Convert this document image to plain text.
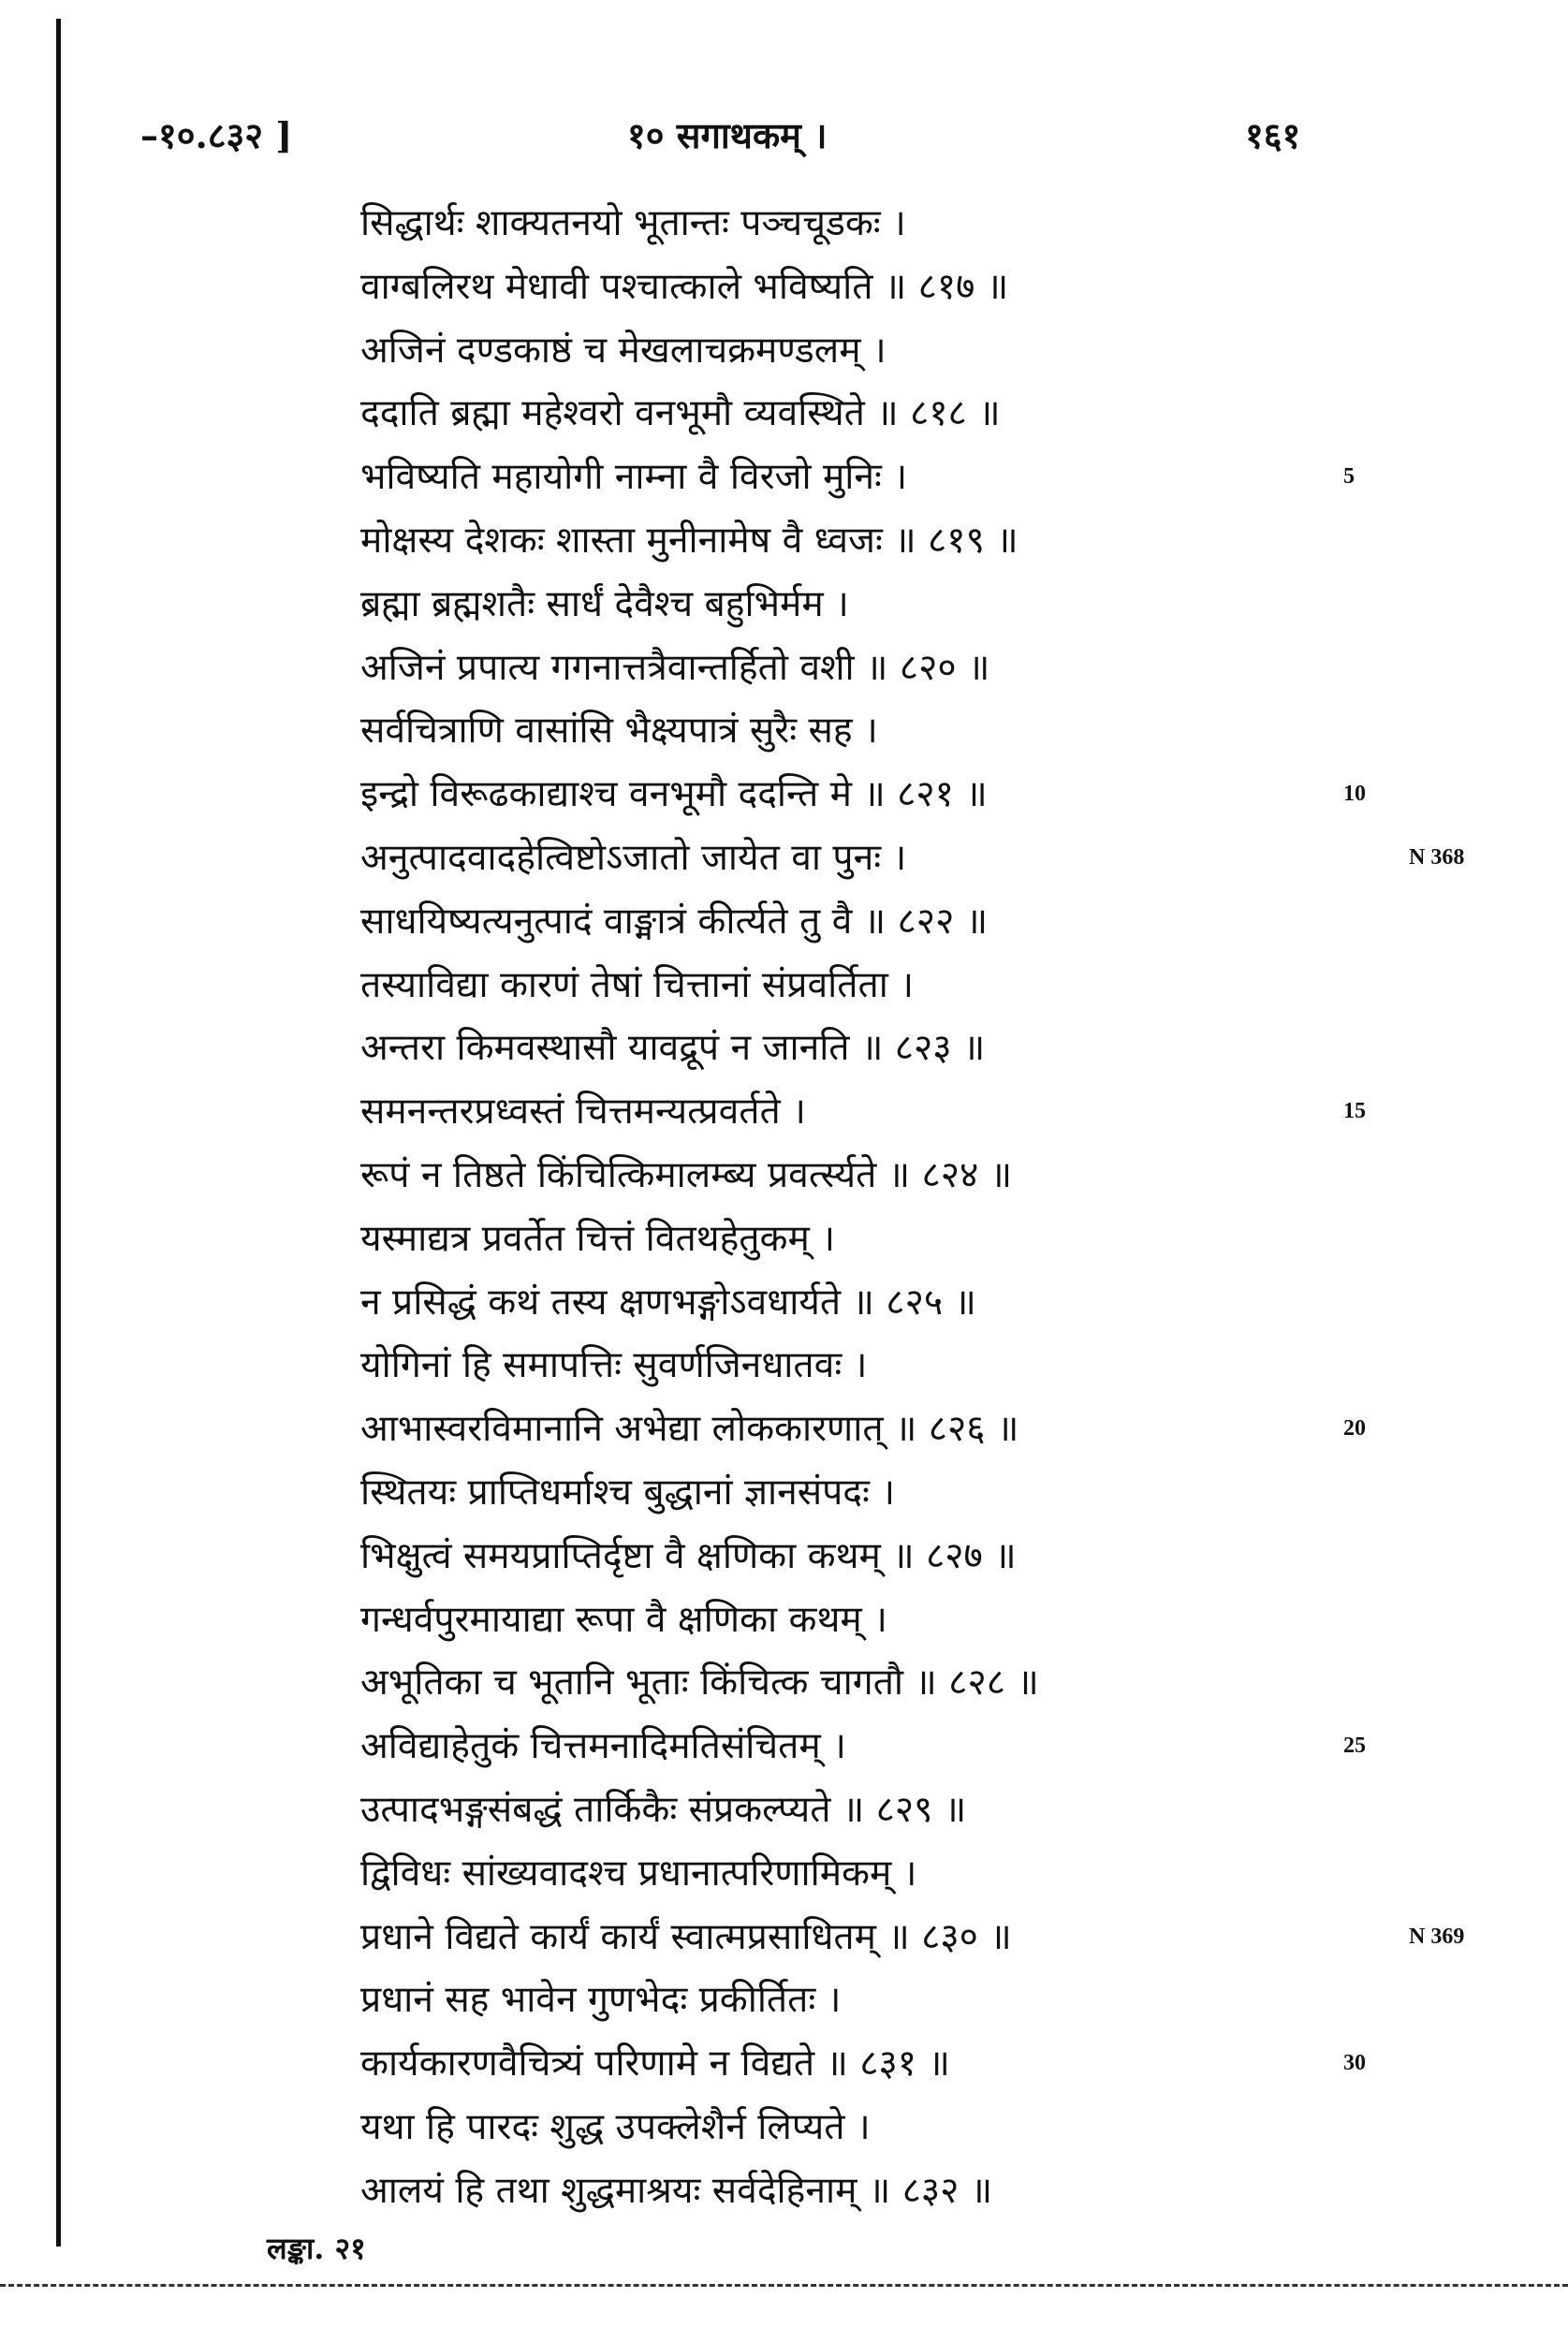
–१०.८३२ ]	१० सगाथकम् ।	१६१
सिद्धार्थः शाक्यतनयो भूतान्तः पञ्चचूडकः ।
वाग्बलिरथ मेधावी पश्चात्काले भविष्यति ॥ ८१७ ॥
अजिनं दण्डकाष्ठं च मेखलाचक्रमण्डलम् ।
ददाति ब्रह्मा महेश्वरो वनभूमौ व्यवस्थिते ॥ ८१८ ॥
भविष्यति महायोगी नाम्ना वै विरजो मुनिः ।	5
मोक्षस्य देशकः शास्ता मुनीनामेष वै ध्वजः ॥ ८१९ ॥
ब्रह्मा ब्रह्मशतैः सार्धं देवैश्च बहुभिर्मम ।
अजिनं प्रपात्य गगनात्तत्रैवान्तर्हितो वशी ॥ ८२० ॥
सर्वचित्राणि वासांसि भैक्ष्यपात्रं सुरैः सह ।
इन्द्रो विरूढकाद्याश्च वनभूमौ ददन्ति मे ॥ ८२१ ॥	10
अनुत्पादवादहेत्विष्टोऽजातो जायेत वा पुनः ।	N 368
साधयिष्यत्यनुत्पादं वाङ्मात्रं कीर्त्यते तु वै ॥ ८२२ ॥
तस्याविद्या कारणं तेषां चित्तानां संप्रवर्तिता ।
अन्तरा किमवस्थासौ यावद्रूपं न जानति ॥ ८२३ ॥
समनन्तरप्रध्वस्तं चित्तमन्यत्प्रवर्तते ।	15
रूपं न तिष्ठते किंचित्किमालम्ब्य प्रवर्त्स्यते ॥ ८२४ ॥
यस्माद्यत्र प्रवर्तेत चित्तं वितथहेतुकम् ।
न प्रसिद्धं कथं तस्य क्षणभङ्गोऽवधार्यते ॥ ८२५ ॥
योगिनां हि समापत्तिः सुवर्णजिनधातवः ।
आभास्वरविमानानि अभेद्या लोककारणात् ॥ ८२६ ॥	20
स्थितयः प्राप्तिधर्माश्च बुद्धानां ज्ञानसंपदः ।
भिक्षुत्वं समयप्राप्तिर्दृष्टा वै क्षणिका कथम् ॥ ८२७ ॥
गन्धर्वपुरमायाद्या रूपा वै क्षणिका कथम् ।
अभूतिका च भूतानि भूताः किंचित्क चागतौ ॥ ८२८ ॥
अविद्याहेतुकं चित्तमनादिमतिसंचितम् ।	25
उत्पादभङ्गसंबद्धं तार्किकैः संप्रकल्प्यते ॥ ८२९ ॥
द्विविधः सांख्यवादश्च प्रधानात्परिणामिकम् ।
प्रधाने विद्यते कार्यं कार्यं स्वात्मप्रसाधितम् ॥ ८३० ॥	N 369
प्रधानं सह भावेन गुणभेदः प्रकीर्तितः ।
कार्यकारणवैचित्र्यं परिणामे न विद्यते ॥ ८३१ ॥	30
यथा हि पारदः शुद्ध उपक्लेशैर्न लिप्यते ।
आलयं हि तथा शुद्धमाश्रयः सर्वदेहिनाम् ॥ ८३२ ॥
लङ्का. २१
